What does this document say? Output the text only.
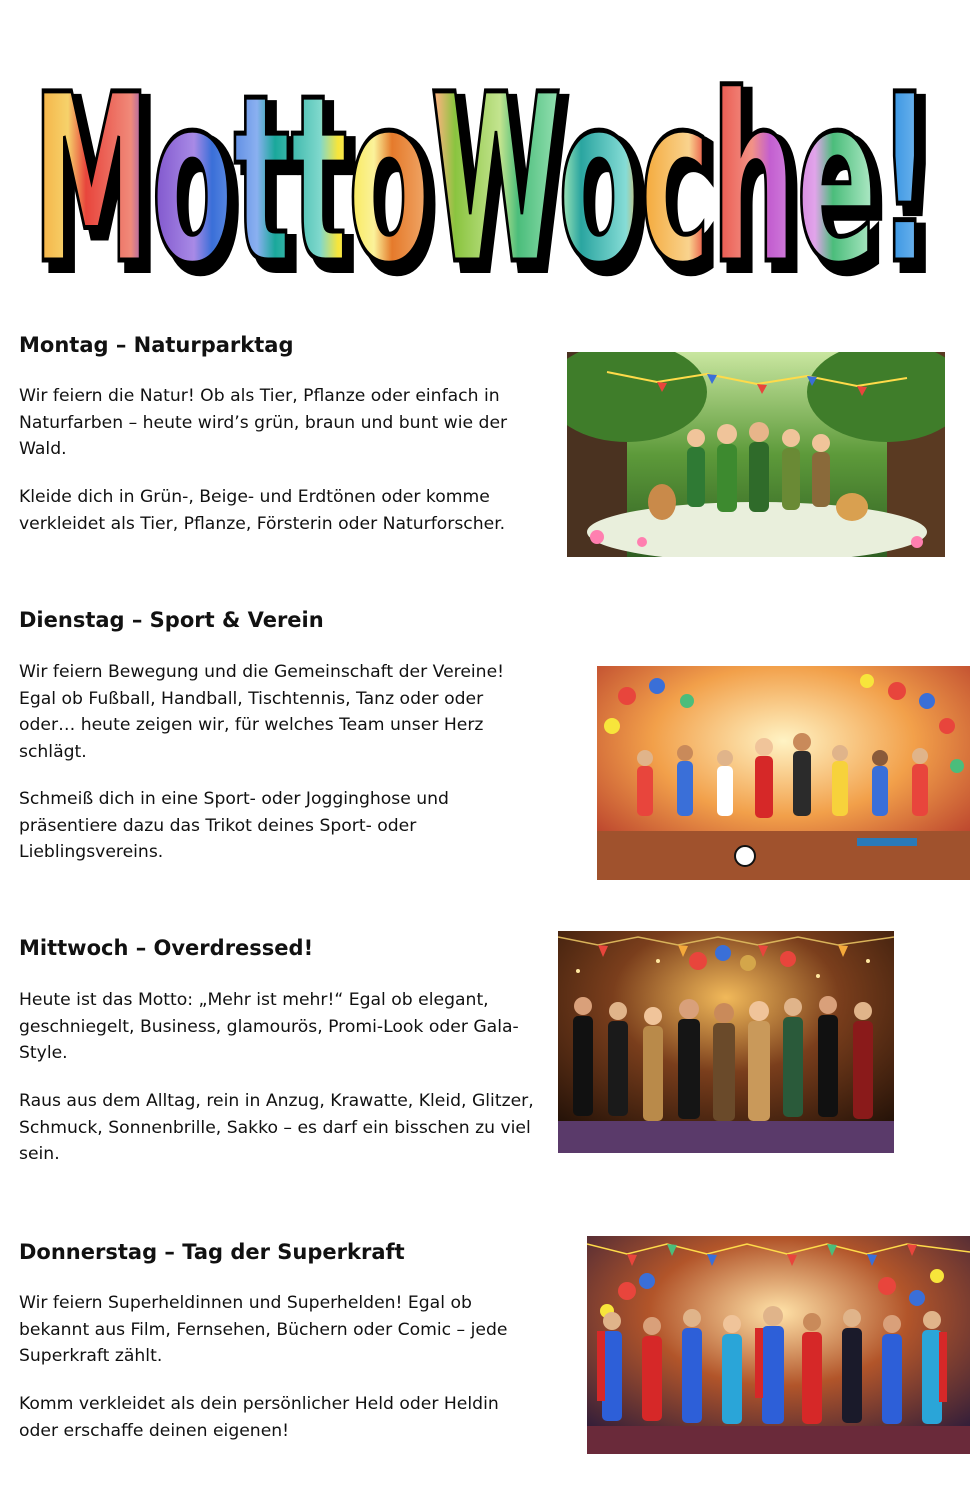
MottoWoche!
MottoWoche!
Montag – Naturparktag

Wir feiern die Natur! Ob als Tier, Pflanze oder einfach in Naturfarben – heute wird’s grün, braun und bunt wie der Wald.

Kleide dich in Grün-, Beige- und Erdtönen oder komme verkleidet als Tier, Pflanze, Försterin oder Naturforscher.

Dienstag – Sport & Verein

Wir feiern Bewegung und die Gemeinschaft der Vereine! Egal ob Fußball, Handball, Tischtennis, Tanz oder oder oder… heute zeigen wir, für welches Team unser Herz schlägt.

Schmeiß dich in eine Sport- oder Jogginghose und präsentiere dazu das Trikot deines Sport- oder Lieblingsvereins.

Mittwoch – Overdressed!

Heute ist das Motto: „Mehr ist mehr!“ Egal ob elegant, geschniegelt, Business, glamourös, Promi-Look oder Gala-Style.

Raus aus dem Alltag, rein in Anzug, Krawatte, Kleid, Glitzer, Schmuck, Sonnenbrille, Sakko – es darf ein bisschen zu viel sein.

Donnerstag – Tag der Superkraft

Wir feiern Superheldinnen und Superhelden! Egal ob bekannt aus Film, Fernsehen, Büchern oder Comic – jede Superkraft zählt.

Komm verkleidet als dein persönlicher Held oder Heldin oder erschaffe deinen eigenen!
